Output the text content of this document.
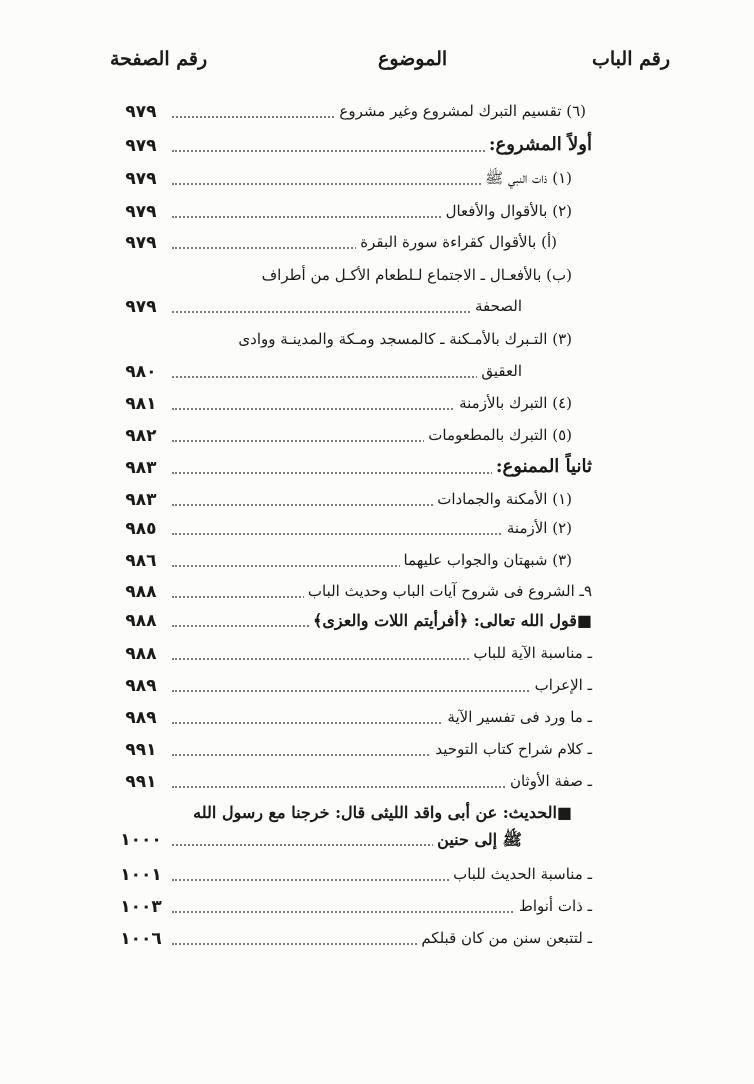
رقم الباب
الموضوع
رقم الصفحة
(٦) تقسيم التبرك لمشروع وغير مشروع
٩٧٩
أولاً المشروع:
٩٧٩
(١) ذات النبي ﷺ
٩٧٩
(٢) بالأقوال والأفعال
٩٧٩
(أ) بالأقوال كقراءة سورة البقرة
٩٧٩
(ب) بالأفعـال ـ الاجتماع لـلطعام الأكـل من أطراف
الصحفة
٩٧٩
(٣) التـبرك بالأمـكنة ـ كالمسجد ومـكة والمدينـة ووادى
العقيق
٩٨٠
(٤) التبرك بالأزمنة
٩٨١
(٥) التبرك بالمطعومات
٩٨٢
ثانياً الممنوع:
٩٨٣
(١) الأمكنة والجمادات
٩٨٣
(٢) الأزمنة
٩٨٥
(٣) شبهتان والجواب عليهما
٩٨٦
٩ـ الشروع فى شروح آيات الباب وحديث الباب
٩٨٨
■قول الله تعالى: ﴿أفرأيتم اللات والعزى﴾
٩٨٨
ـ مناسبة الآية للباب
٩٨٨
ـ الإعراب
٩٨٩
ـ ما ورد فى تفسير الآية
٩٨٩
ـ كلام شراح كتاب التوحيد
٩٩١
ـ صفة الأوثان
٩٩١
■الحديث: عن أبى واقد الليثى قال: خرجنا مع رسول الله
ﷺ إلى حنين
١٠٠٠
ـ مناسبة الحديث للباب
١٠٠١
ـ ذات أنواط
١٠٠٣
ـ لتتبعن سنن من كان قبلكم
١٠٠٦
